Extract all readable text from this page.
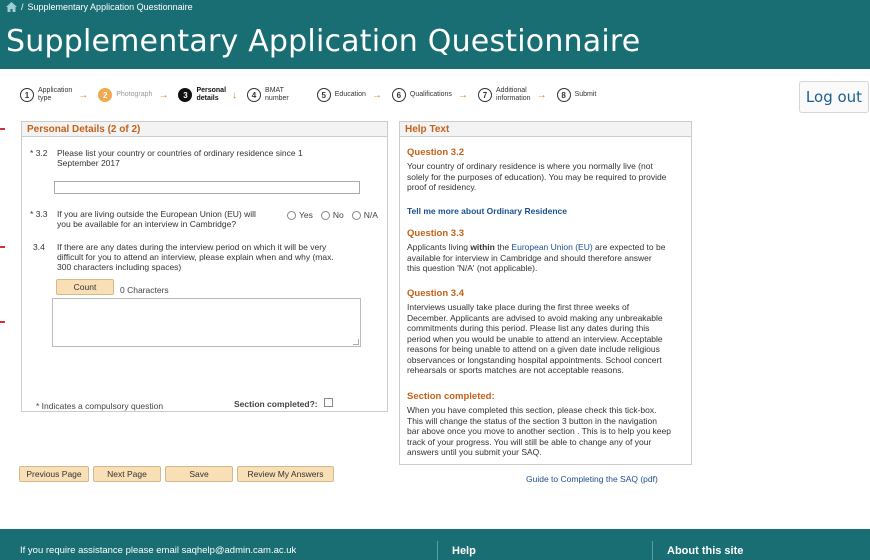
/ Supplementary Application Questionnaire
Supplementary Application Questionnaire
1	Application
type	→	2	Photograph →	3	Personal
details	↓	4	BMAT
number	5	Education →	6	Qualifications →	7	Additional
information →	8	Submit	Log out
Personal Details (2 of 2)
* 3.2	Please list your country or countries of ordinary residence since 1
September 2017
* 3.3	If you are living outside the European Union (EU) will
you be available for an interview in Cambridge?
Yes No N/A
3.4	If there are any dates during the interview period on which it will be very
difficult for you to attend an interview, please explain when and why (max.
300 characters including spaces)
Count	0 Characters
* Indicates a compulsory question	Section completed?:
Previous Page	Next Page	Save	Review My Answers
Help Text
Question 3.2
Your country of ordinary residence is where you normally live (not
solely for the purposes of education). You may be required to provide
proof of residency.
Tell me more about Ordinary Residence
Question 3.3
Applicants living within the European Union (EU) are expected to be
available for interview in Cambridge and should therefore answer
this question 'N/A' (not applicable).
Question 3.4
Interviews usually take place during the first three weeks of
December. Applicants are advised to avoid making any unbreakable
commitments during this period. Please list any dates during this
period when you would be unable to attend an interview. Acceptable
reasons for being unable to attend on a given date include religious
observances or longstanding hospital appointments. School concert
rehearsals or sports matches are not acceptable reasons.
Section completed:
When you have completed this section, please check this tick-box.
This will change the status of the section 3 button in the navigation
bar above once you move to another section . This is to help you keep
track of your progress. You will still be able to change any of your
answers until you submit your SAQ.
Guide to Completing the SAQ (pdf)
If you require assistance please email saqhelp@admin.cam.ac.uk	Help	About this site
